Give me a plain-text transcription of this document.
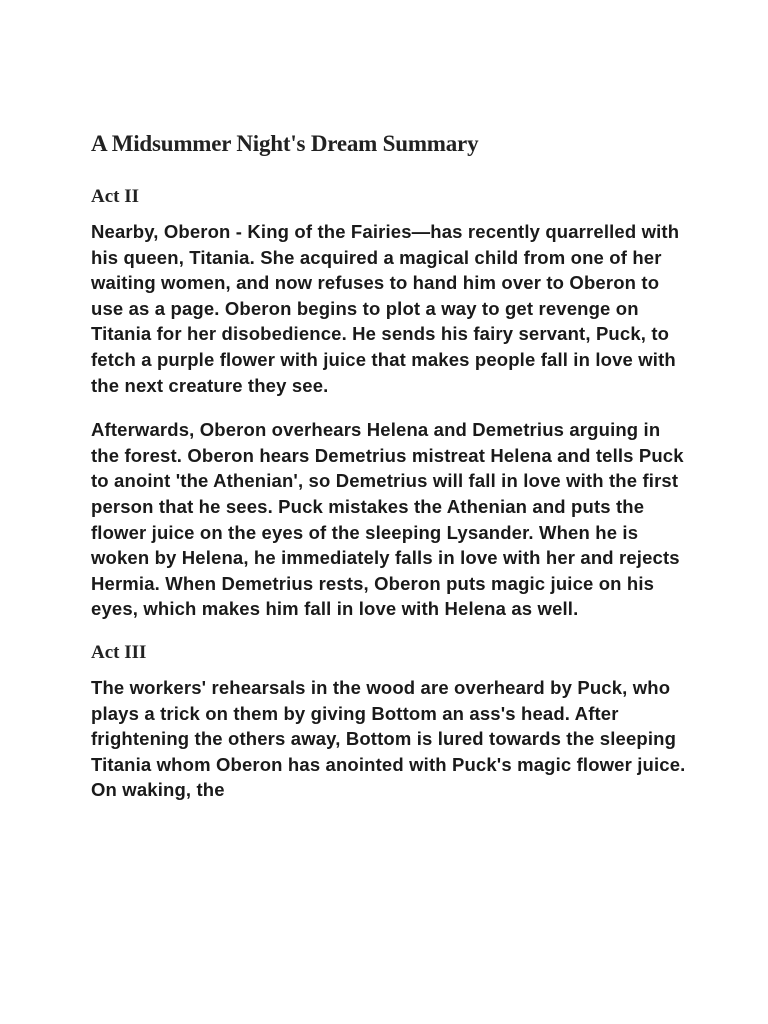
A Midsummer Night's Dream Summary
Act II

Nearby, Oberon - King of the Fairies—has recently quarrelled with his queen, Titania. She acquired a magical child from one of her waiting women, and now refuses to hand him over to Oberon to use as a page. Oberon begins to plot a way to get revenge on Titania for her disobedience. He sends his fairy servant, Puck, to fetch a purple flower with juice that makes people fall in love with the next creature they see.

Afterwards, Oberon overhears Helena and Demetrius arguing in the forest. Oberon hears Demetrius mistreat Helena and tells Puck to anoint 'the Athenian', so Demetrius will fall in love with the first person that he sees. Puck mistakes the Athenian and puts the flower juice on the eyes of the sleeping Lysander. When he is woken by Helena, he immediately falls in love with her and rejects Hermia. When Demetrius rests, Oberon puts magic juice on his eyes, which makes him fall in love with Helena as well.

Act III

The workers' rehearsals in the wood are overheard by Puck, who plays a trick on them by giving Bottom an ass's head. After frightening the others away, Bottom is lured towards the sleeping Titania whom Oberon has anointed with Puck's magic flower juice. On waking, the
